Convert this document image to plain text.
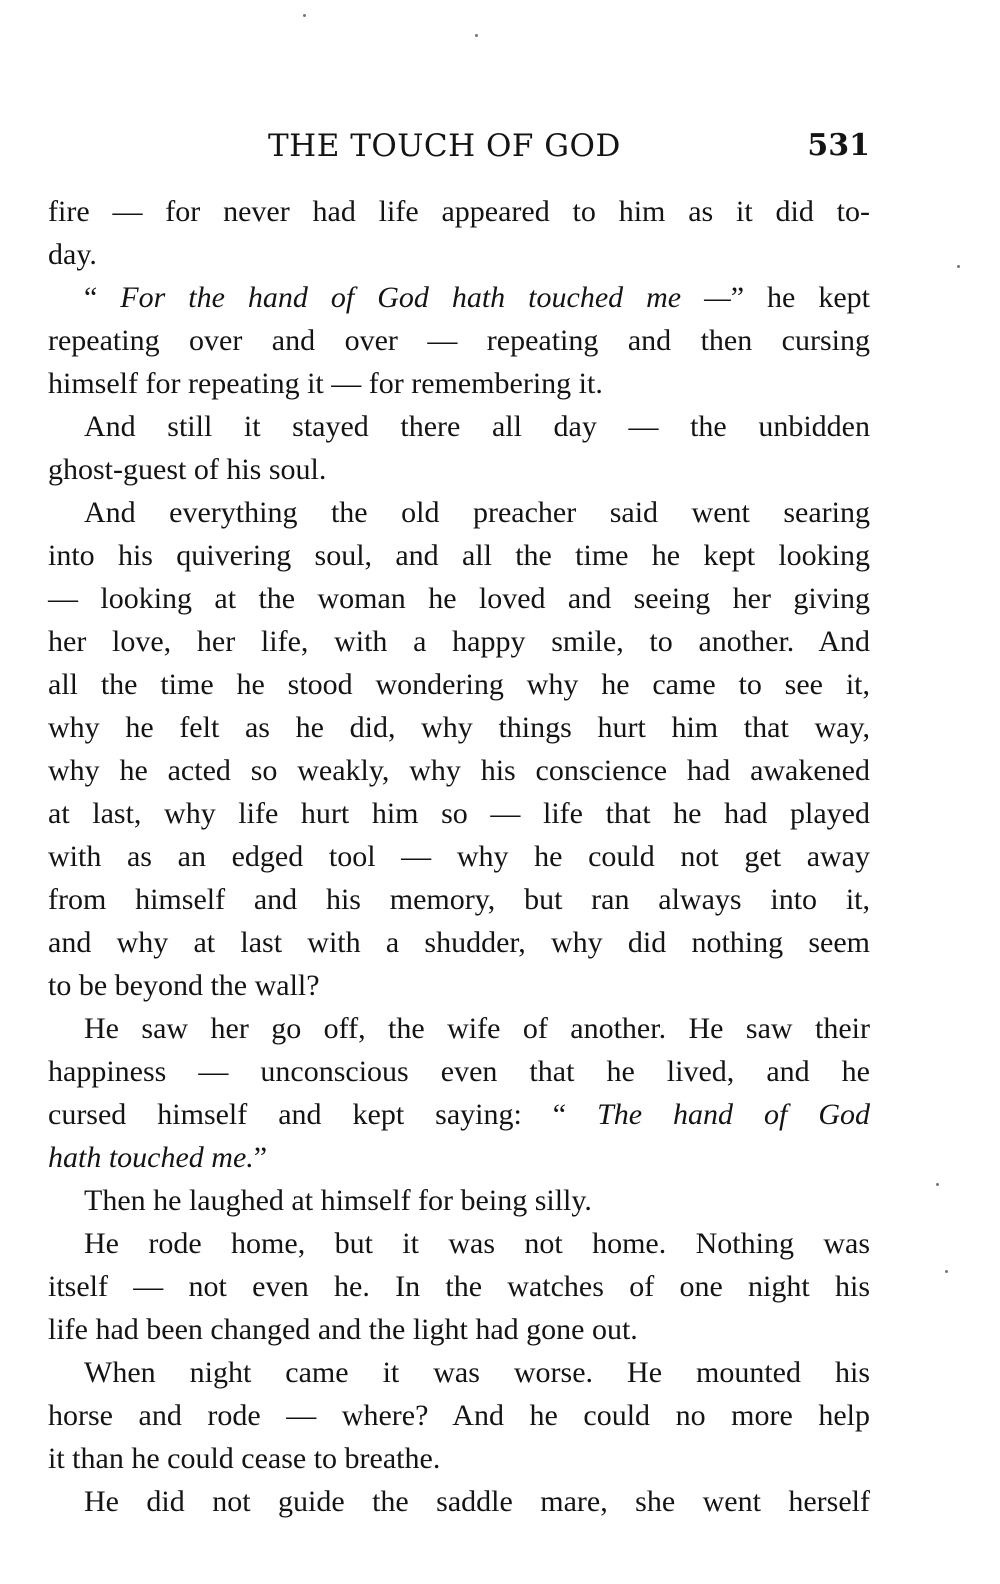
THE TOUCH OF GOD	531
fire — for never had life appeared to him as it did to-
day.
“ For the hand of God hath touched me —” he kept
repeating over and over — repeating and then cursing
himself for repeating it — for remembering it.
And still it stayed there all day — the unbidden
ghost-guest of his soul.
And everything the old preacher said went searing
into his quivering soul, and all the time he kept looking
— looking at the woman he loved and seeing her giving
her love, her life, with a happy smile, to another. And
all the time he stood wondering why he came to see it,
why he felt as he did, why things hurt him that way,
why he acted so weakly, why his conscience had awakened
at last, why life hurt him so — life that he had played
with as an edged tool — why he could not get away
from himself and his memory, but ran always into it,
and why at last with a shudder, why did nothing seem
to be beyond the wall?
He saw her go off, the wife of another. He saw their
happiness — unconscious even that he lived, and he
cursed himself and kept saying: “ The hand of God
hath touched me.”
Then he laughed at himself for being silly.
He rode home, but it was not home. Nothing was
itself — not even he. In the watches of one night his
life had been changed and the light had gone out.
When night came it was worse. He mounted his
horse and rode — where? And he could no more help
it than he could cease to breathe.
He did not guide the saddle mare, she went herself
